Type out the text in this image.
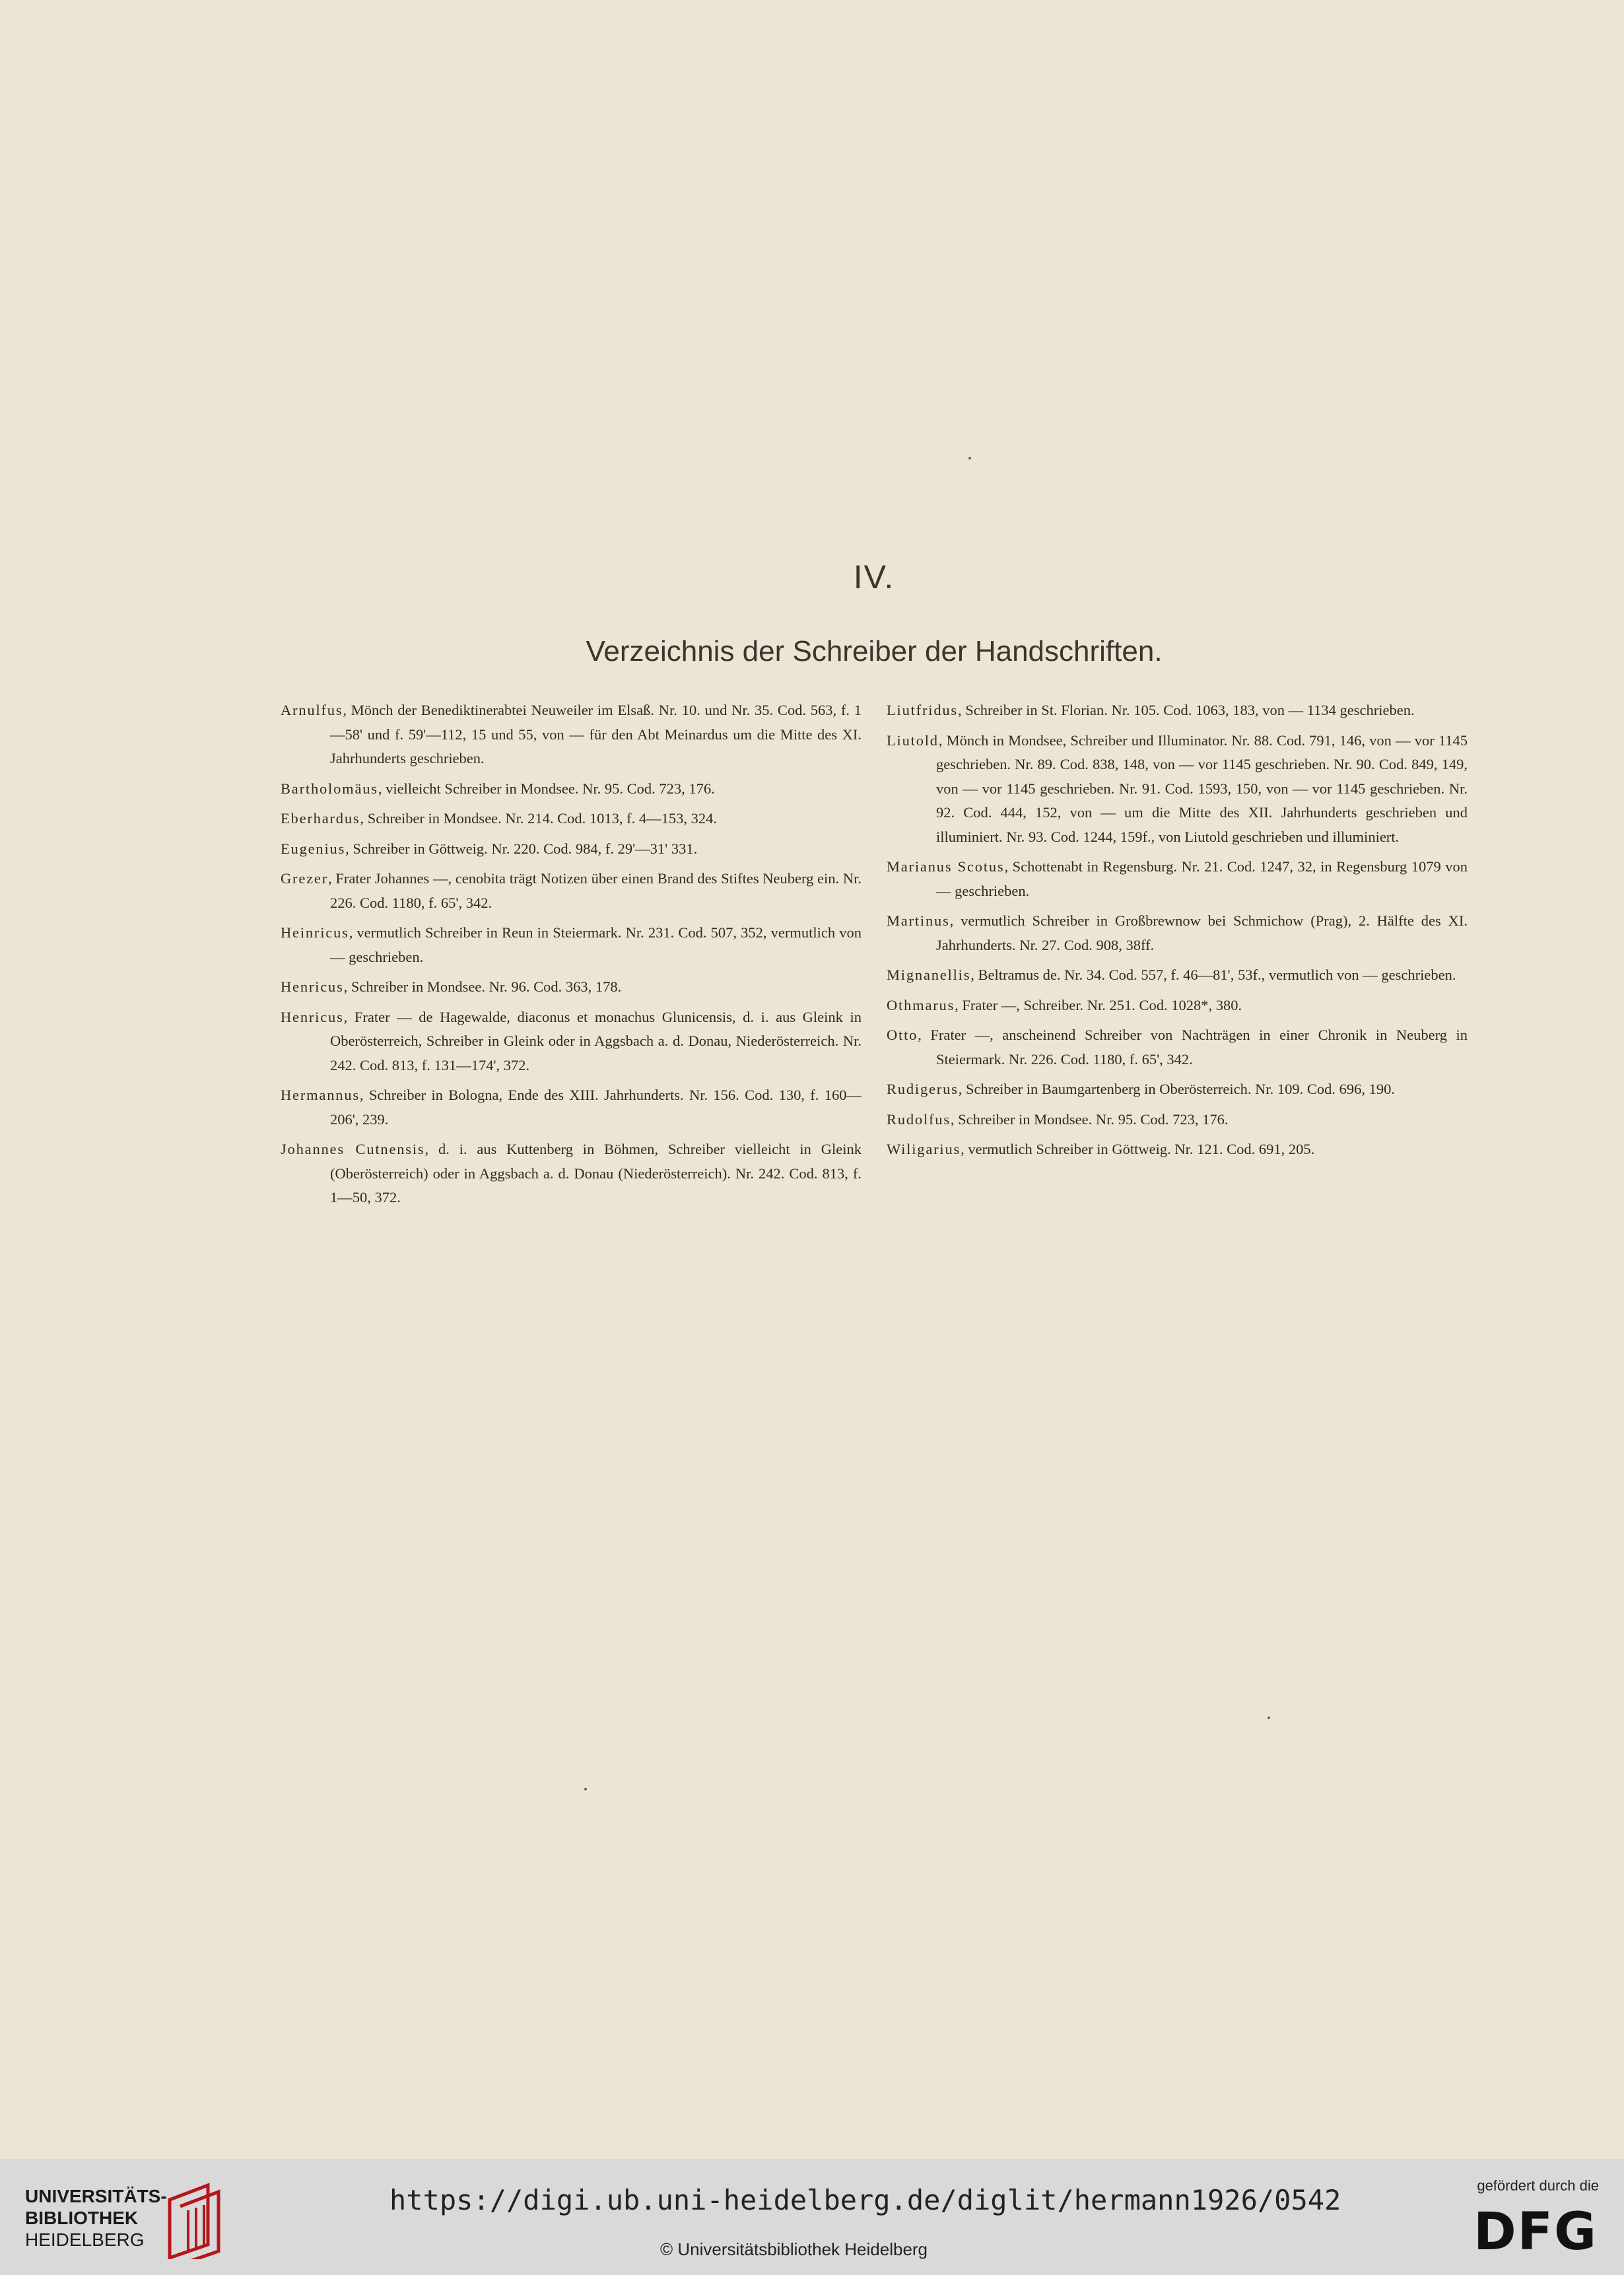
IV.
Verzeichnis der Schreiber der Handschriften.

Arnulfus, Mönch der Benediktinerabtei Neuweiler im Elsaß. Nr. 10. und Nr. 35. Cod. 563, f. 1—58' und f. 59'—112, 15 und 55, von — für den Abt Meinardus um die Mitte des XI. Jahrhunderts geschrieben.

Bartholomäus, vielleicht Schreiber in Mondsee. Nr. 95. Cod. 723, 176.

Eberhardus, Schreiber in Mondsee. Nr. 214. Cod. 1013, f. 4—153, 324.

Eugenius, Schreiber in Göttweig. Nr. 220. Cod. 984, f. 29'—31' 331.

Grezer, Frater Johannes —, cenobita trägt Notizen über einen Brand des Stiftes Neuberg ein. Nr. 226. Cod. 1180, f. 65', 342.

Heinricus, vermutlich Schreiber in Reun in Steiermark. Nr. 231. Cod. 507, 352, vermutlich von — geschrieben.

Henricus, Schreiber in Mondsee. Nr. 96. Cod. 363, 178.

Henricus, Frater — de Hagewalde, diaconus et monachus Glunicensis, d. i. aus Gleink in Oberösterreich, Schreiber in Gleink oder in Aggsbach a. d. Donau, Niederösterreich. Nr. 242. Cod. 813, f. 131—174', 372.

Hermannus, Schreiber in Bologna, Ende des XIII. Jahrhunderts. Nr. 156. Cod. 130, f. 160—206', 239.

Johannes Cutnensis, d. i. aus Kuttenberg in Böhmen, Schreiber vielleicht in Gleink (Oberösterreich) oder in Aggsbach a. d. Donau (Niederösterreich). Nr. 242. Cod. 813, f. 1—50, 372.

Liutfridus, Schreiber in St. Florian. Nr. 105. Cod. 1063, 183, von — 1134 geschrieben.

Liutold, Mönch in Mondsee, Schreiber und Illuminator. Nr. 88. Cod. 791, 146, von — vor 1145 geschrieben. Nr. 89. Cod. 838, 148, von — vor 1145 geschrieben. Nr. 90. Cod. 849, 149, von — vor 1145 geschrieben. Nr. 91. Cod. 1593, 150, von — vor 1145 geschrieben. Nr. 92. Cod. 444, 152, von — um die Mitte des XII. Jahrhunderts geschrieben und illuminiert. Nr. 93. Cod. 1244, 159f., von Liutold geschrieben und illuminiert.

Marianus Scotus, Schottenabt in Regensburg. Nr. 21. Cod. 1247, 32, in Regensburg 1079 von — geschrieben.

Martinus, vermutlich Schreiber in Großbrewnow bei Schmichow (Prag), 2. Hälfte des XI. Jahrhunderts. Nr. 27. Cod. 908, 38ff.

Mignanellis, Beltramus de. Nr. 34. Cod. 557, f. 46—81', 53f., vermutlich von — geschrieben.

Othmarus, Frater —, Schreiber. Nr. 251. Cod. 1028*, 380.

Otto, Frater —, anscheinend Schreiber von Nachträgen in einer Chronik in Neuberg in Steiermark. Nr. 226. Cod. 1180, f. 65', 342.

Rudigerus, Schreiber in Baumgartenberg in Oberösterreich. Nr. 109. Cod. 696, 190.

Rudolfus, Schreiber in Mondsee. Nr. 95. Cod. 723, 176.

Wiligarius, vermutlich Schreiber in Göttweig. Nr. 121. Cod. 691, 205.

UNIVERSITÄTS-
BIBLIOTHEK
HEIDELBERG
https://digi.ub.uni-heidelberg.de/diglit/hermann1926/0542
© Universitätsbibliothek Heidelberg
gefördert durch die
DFG
